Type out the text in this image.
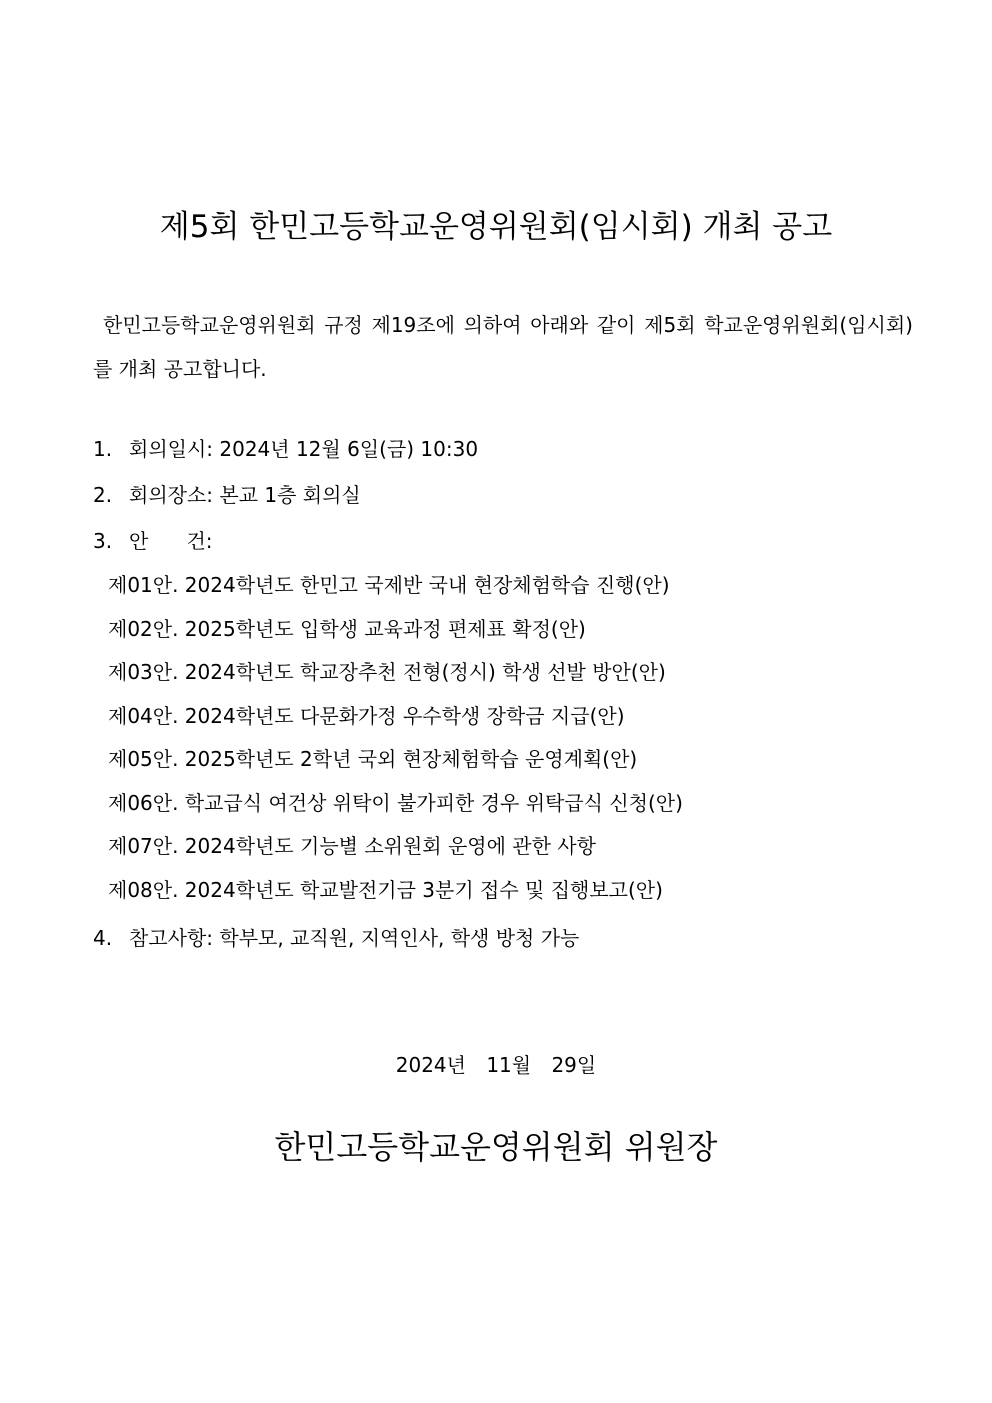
제5회 한민고등학교운영위원회(임시회) 개최 공고

한민고등학교운영위원회 규정 제19조에 의하여 아래와 같이 제5회 학교운영위원회(임시회)를 개최 공고합니다.

1. 회의일시: 2024년 12월 6일(금) 10:30
2. 회의장소: 본교 1층 회의실
3. 안      건:
제01안. 2024학년도 한민고 국제반 국내 현장체험학습 진행(안)
제02안. 2025학년도 입학생 교육과정 편제표 확정(안)
제03안. 2024학년도 학교장추천 전형(정시) 학생 선발 방안(안)
제04안. 2024학년도 다문화가정 우수학생 장학금 지급(안)
제05안. 2025학년도 2학년 국외 현장체험학습 운영계획(안)
제06안. 학교급식 여건상 위탁이 불가피한 경우 위탁급식 신청(안)
제07안. 2024학년도 기능별 소위원회 운영에 관한 사항
제08안. 2024학년도 학교발전기금 3분기 접수 및 집행보고(안)
4. 참고사항: 학부모, 교직원, 지역인사, 학생 방청 가능
2024년 11월 29일
한민고등학교운영위원회 위원장
